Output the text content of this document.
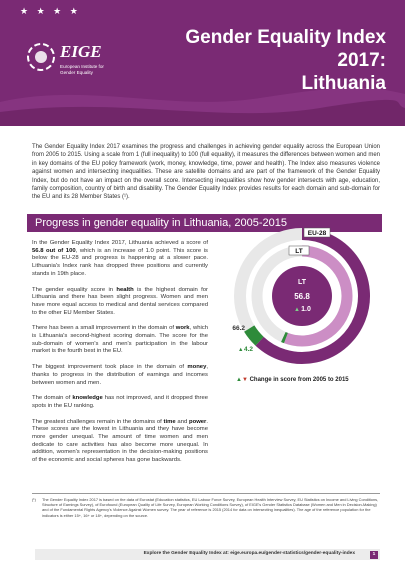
★ ★ ★ ★
EIGE
European Institute for Gender Equality
Gender Equality Index 2017:
Lithuania
The Gender Equality Index 2017 examines the progress and challenges in achieving gender equality across the European Union from 2005 to 2015. Using a scale from 1 (full inequality) to 100 (full equality), it measures the differences between women and men in key domains of the EU policy framework (work, money, knowledge, time, power and health). The Index also measures violence against women and intersecting inequalities. These are satellite domains and are part of the framework of the Gender Equality Index, but do not have an impact on the overall score. Intersecting inequalities show how gender intersects with age, education, family composition, country of birth and disability. The Gender Equality Index provides results for each domain and sub-domain for the EU and its 28 Member States (¹).
Progress in gender equality in Lithuania, 2005-2015

In the Gender Equality Index 2017, Lithuania achieved a score of 56.8 out of 100, which is an increase of 1.0 point. This score is below the EU-28 and progress is happening at a slower pace. Lithuania's Index rank has dropped three positions and currently stands in 19th place.

The gender equality score in health is the highest domain for Lithuania and there has been slight progress. Women and men have more equal access to medical and dental services compared to the other EU Member States.

There has been a small improvement in the domain of work, which is Lithuania's second-highest scoring domain. The score for the sub-domain of women's and men's participation in the labour market is the fourth best in the EU.

The biggest improvement took place in the domain of money, thanks to progress in the distribution of earnings and incomes between women and men.

The domain of knowledge has not improved, and it dropped three spots in the EU ranking.

The greatest challenges remain in the domains of time and power. These scores are the lowest in Lithuania and they have become more gender unequal. The amount of time women and men dedicate to care activities has also become more unequal. In addition, women's representation in the decision-making positions of the economic and social spheres has gone backwards.

LT
56.8
▲ 1.0
EU-28
LT
66.2
▲ 4.2
▲▼ Change in score from 2005 to 2015
(¹) The Gender Equality Index 2017 is based on the data of Eurostat (Education statistics, EU Labour Force Survey, European Health Interview Survey, EU Statistics on Income and Living Conditions, Structure of Earnings Survey), of Eurofound (European Quality of Life Survey, European Working Conditions Survey), of EIGE's Gender Statistics Database (Women and Men in Decision-Making) and of the Fundamental Rights Agency's Violence Against Women survey. The year of reference is 2015 (2014 for data on intersecting inequalities). The age of the reference population for the indicators is either 15+, 16+ or 18+, depending on the source.
Explore the Gender Equality Index at: eige.europa.eu/gender-statistics/gender-equality-index	1
